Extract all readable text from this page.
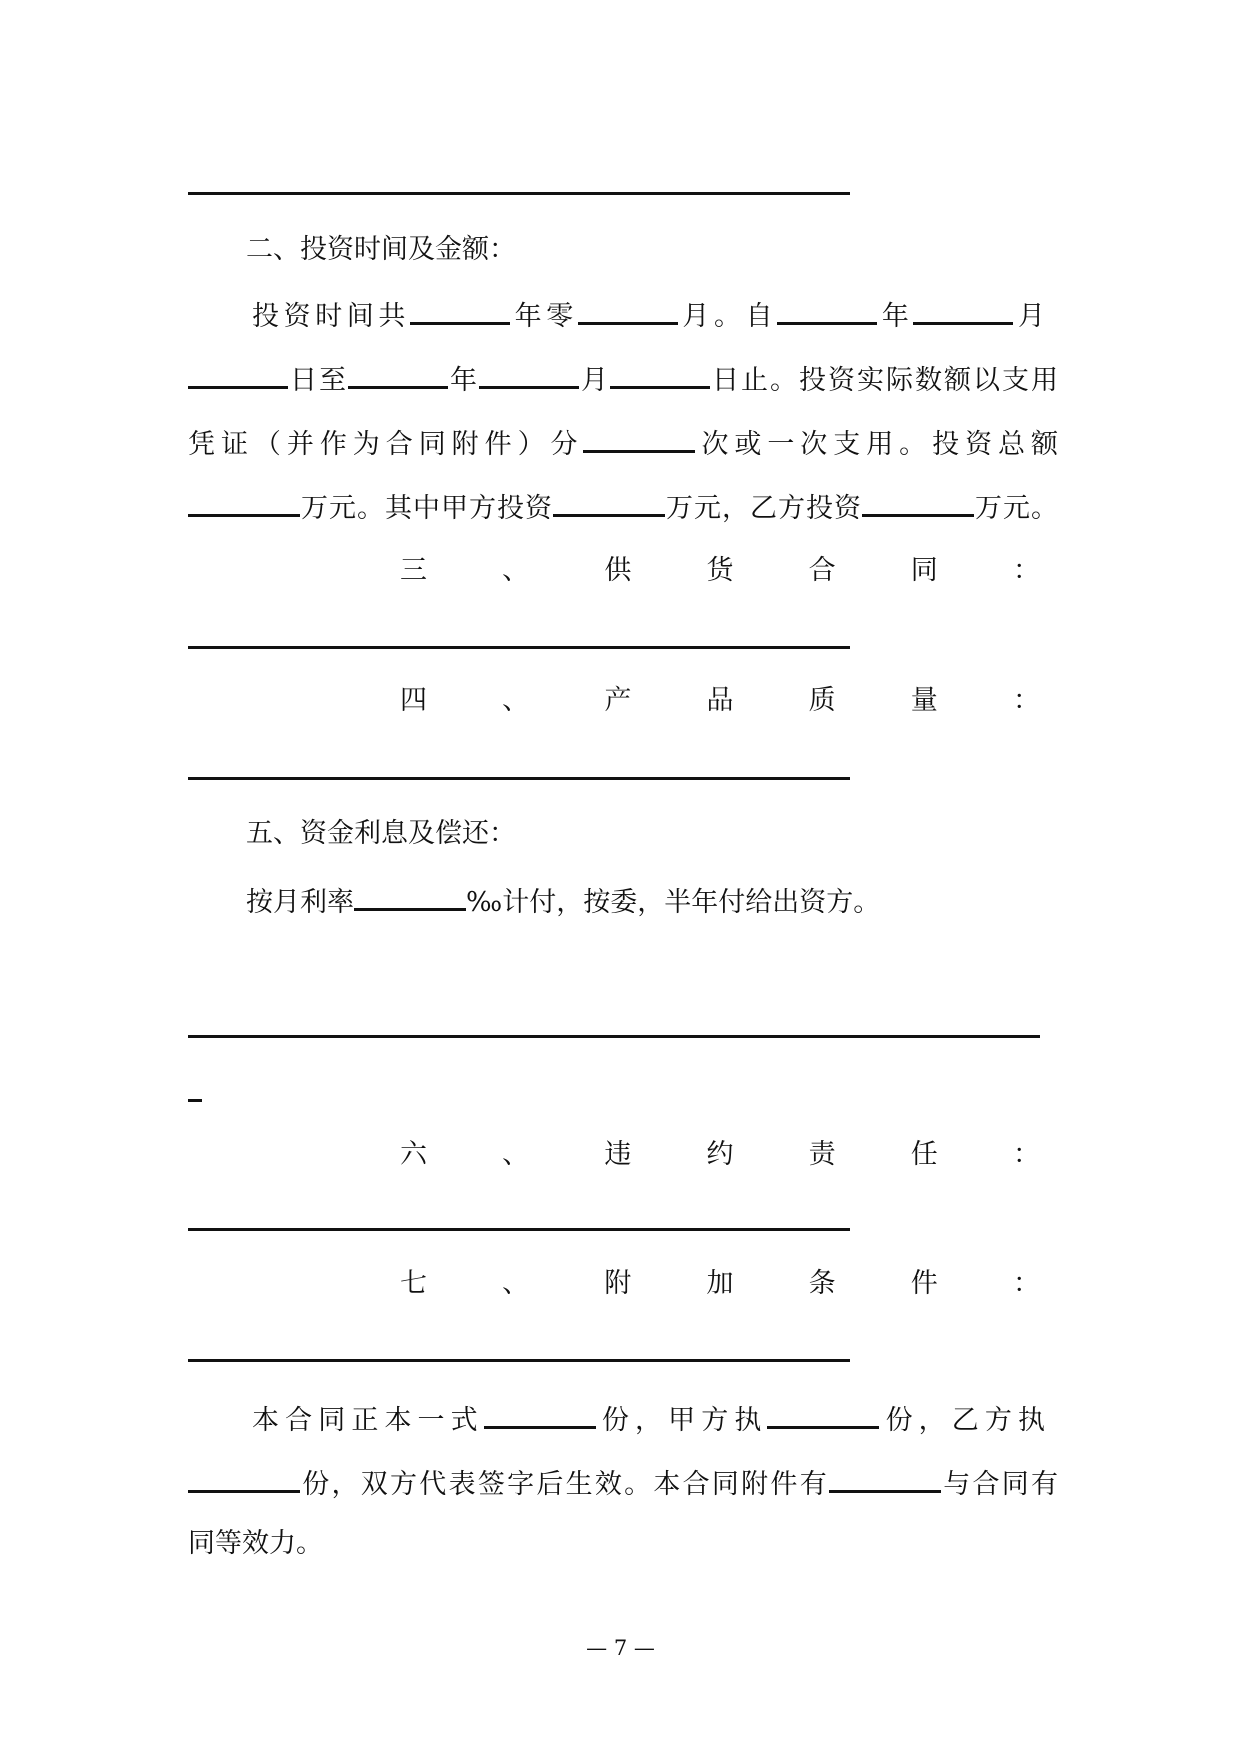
二、投资时间及金额：
投资时间共	年零	月。自	年	月
日至	年	月	日止。投资实际数额以支用
凭证（并作为合同附件）分	次或一次支用。投资总额
万元。其中甲方投资	万元，乙方投资	万元。
三	、	供	货	合	同	：
四	、	产	品	质	量	：
五、资金利息及偿还：
按月利率	‰计付，按委，半年付给出资方。
六	、	违	约	责	任	：
七	、	附	加	条	件	：
本合同正本一式	份，甲方执	份，乙方执
份，双方代表签字后生效。本合同附件有	与合同有
同等效力。
— 7 —
